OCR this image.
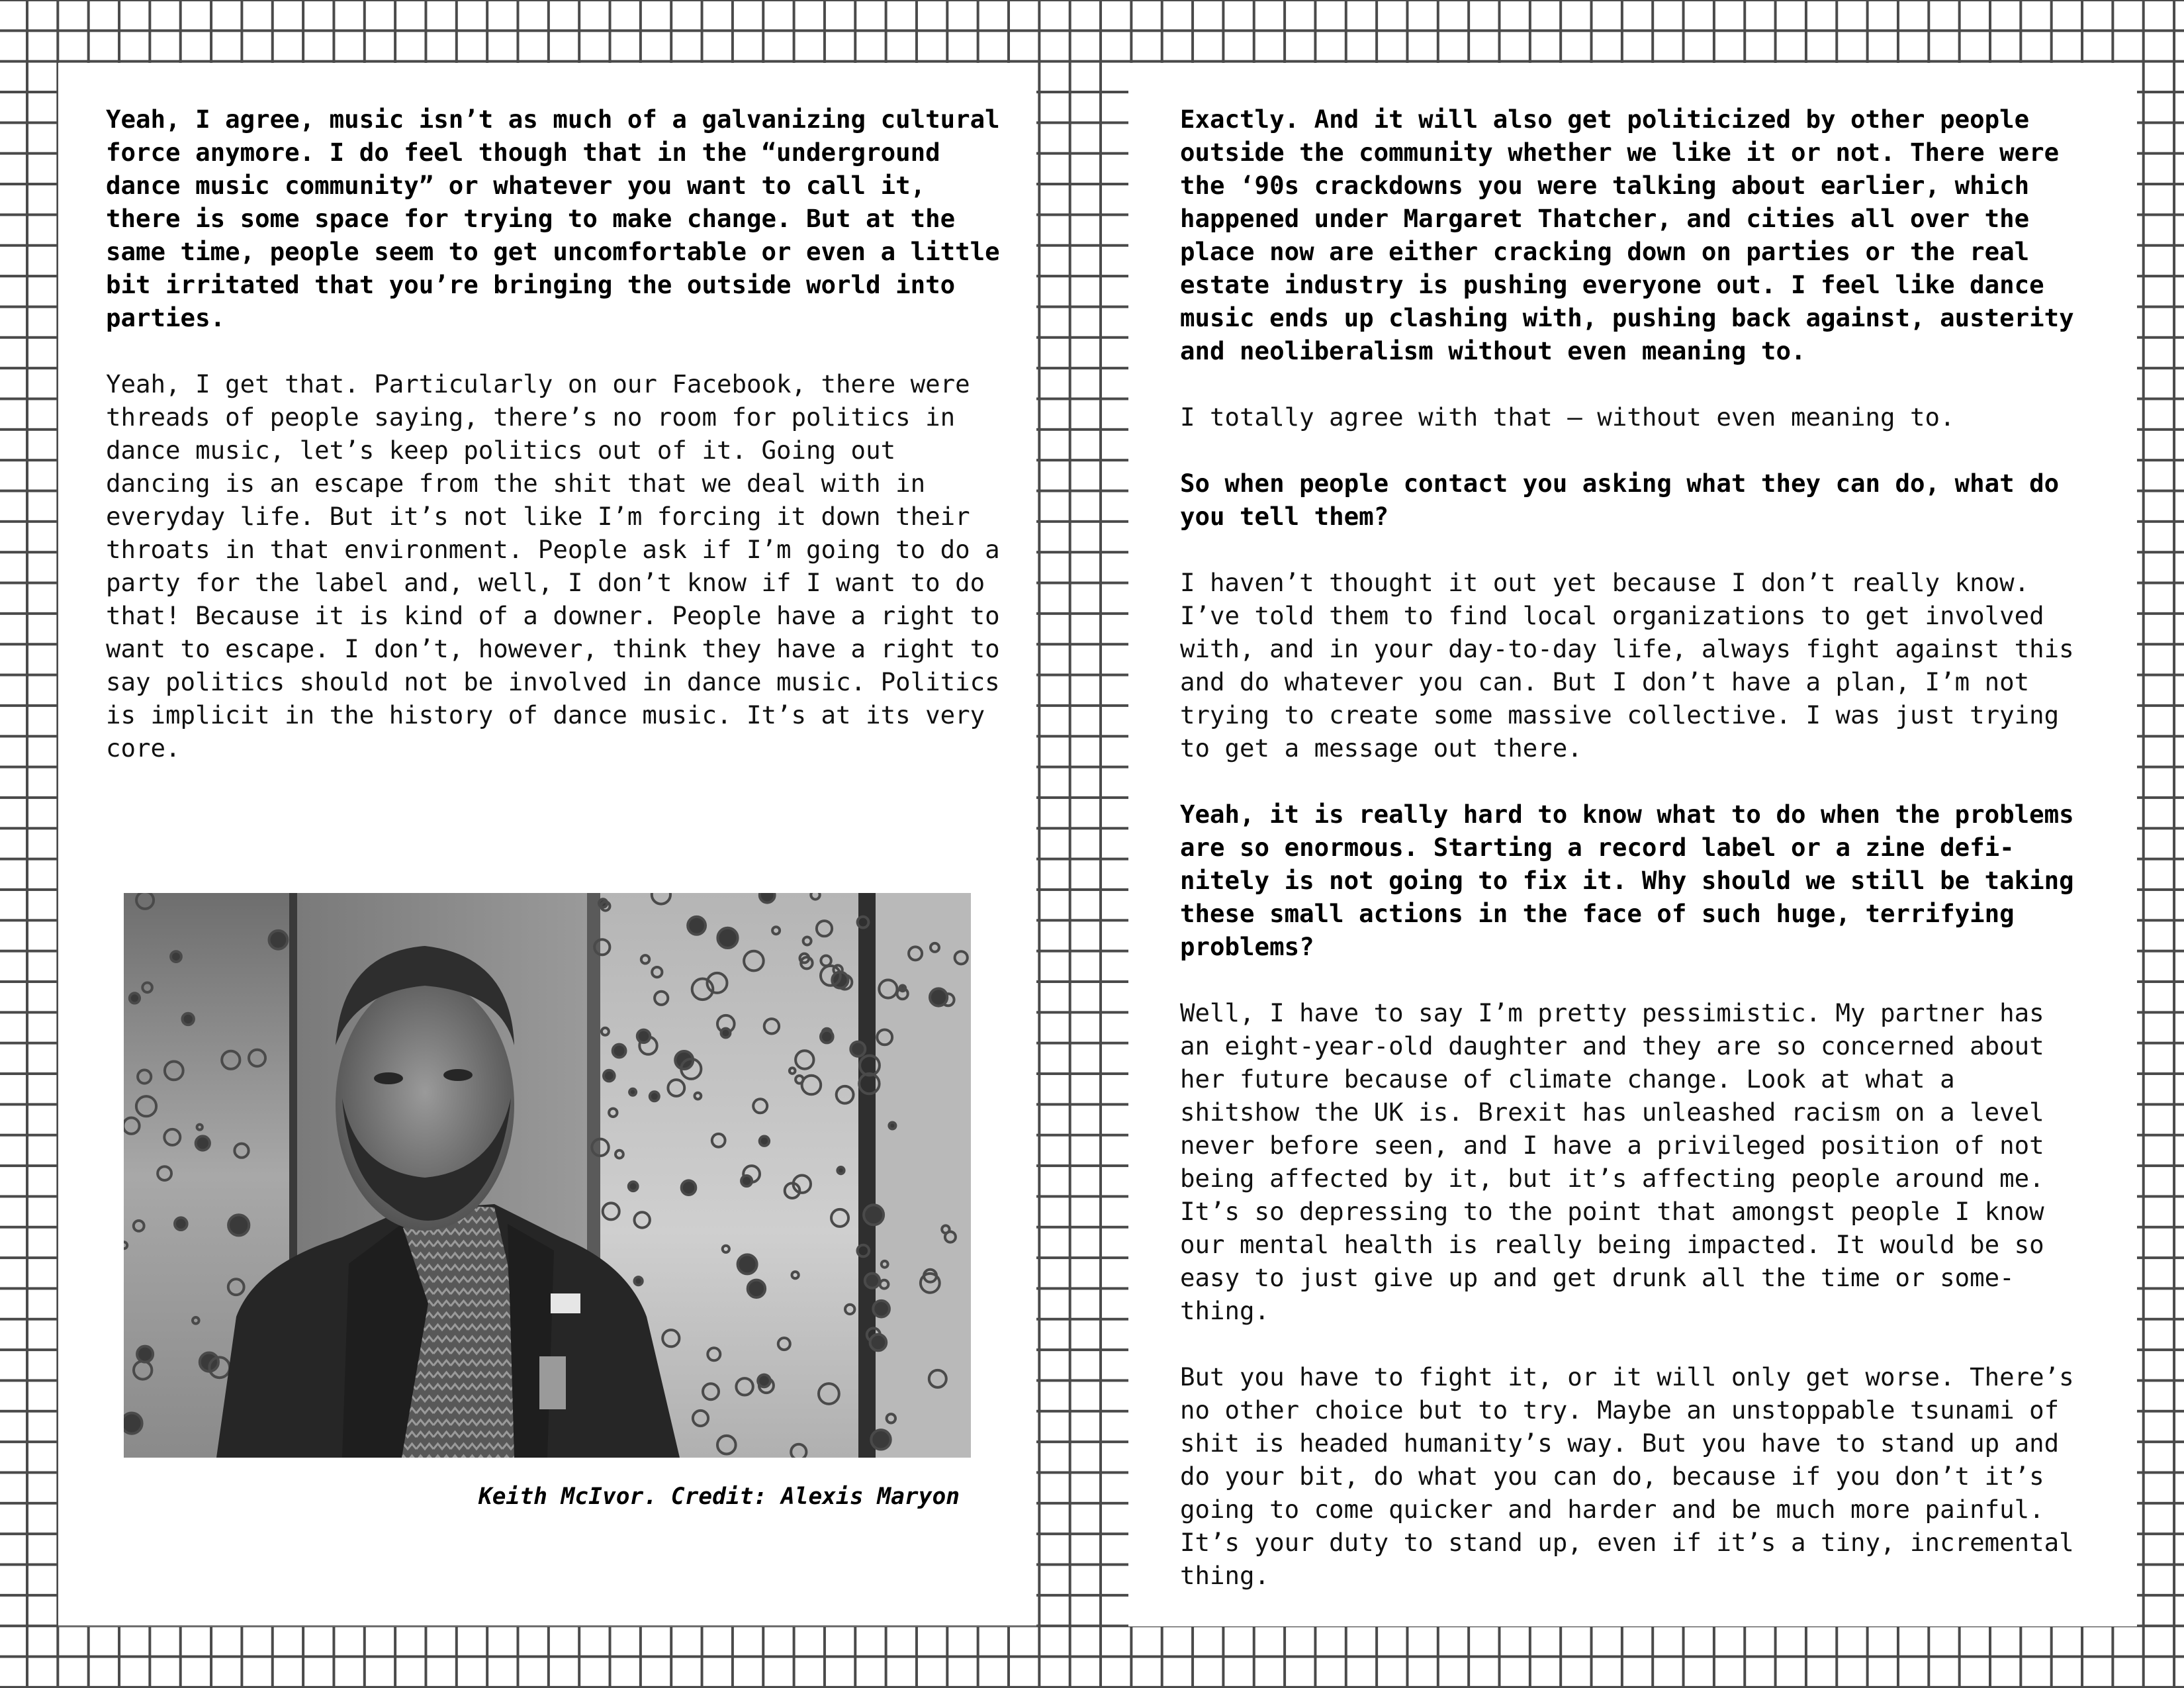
Yeah, I agree, music isn’t as much of a galvanizing cultural
force anymore. I do feel though that in the “underground
dance music community” or whatever you want to call it,
there is some space for trying to make change. But at the
same time, people seem to get uncomfortable or even a little
bit irritated that you’re bringing the outside world into
parties.
Yeah, I get that. Particularly on our Facebook, there were
threads of people saying, there’s no room for politics in
dance music, let’s keep politics out of it. Going out
dancing is an escape from the shit that we deal with in
everyday life. But it’s not like I’m forcing it down their
throats in that environment. People ask if I’m going to do a
party for the label and, well, I don’t know if I want to do
that! Because it is kind of a downer. People have a right to
want to escape. I don’t, however, think they have a right to
say politics should not be involved in dance music. Politics
is implicit in the history of dance music. It’s at its very
core.
Exactly. And it will also get politicized by other people
outside the community whether we like it or not. There were
the ‘90s crackdowns you were talking about earlier, which
happened under Margaret Thatcher, and cities all over the
place now are either cracking down on parties or the real
estate industry is pushing everyone out. I feel like dance
music ends up clashing with, pushing back against, austerity
and neoliberalism without even meaning to.
I totally agree with that – without even meaning to.
So when people contact you asking what they can do, what do
you tell them?
I haven’t thought it out yet because I don’t really know.
I’ve told them to find local organizations to get involved
with, and in your day-to-day life, always fight against this
and do whatever you can. But I don’t have a plan, I’m not
trying to create some massive collective. I was just trying
to get a message out there.
Yeah, it is really hard to know what to do when the problems
are so enormous. Starting a record label or a zine defi-
nitely is not going to fix it. Why should we still be taking
these small actions in the face of such huge, terrifying
problems?
Well, I have to say I’m pretty pessimistic. My partner has
an eight-year-old daughter and they are so concerned about
her future because of climate change. Look at what a
shitshow the UK is. Brexit has unleashed racism on a level
never before seen, and I have a privileged position of not
being affected by it, but it’s affecting people around me.
It’s so depressing to the point that amongst people I know
our mental health is really being impacted. It would be so
easy to just give up and get drunk all the time or some-
thing.
But you have to fight it, or it will only get worse. There’s
no other choice but to try. Maybe an unstoppable tsunami of
shit is headed humanity’s way. But you have to stand up and
do your bit, do what you can do, because if you don’t it’s
going to come quicker and harder and be much more painful.
It’s your duty to stand up, even if it’s a tiny, incremental
thing.
Keith McIvor. Credit: Alexis Maryon
